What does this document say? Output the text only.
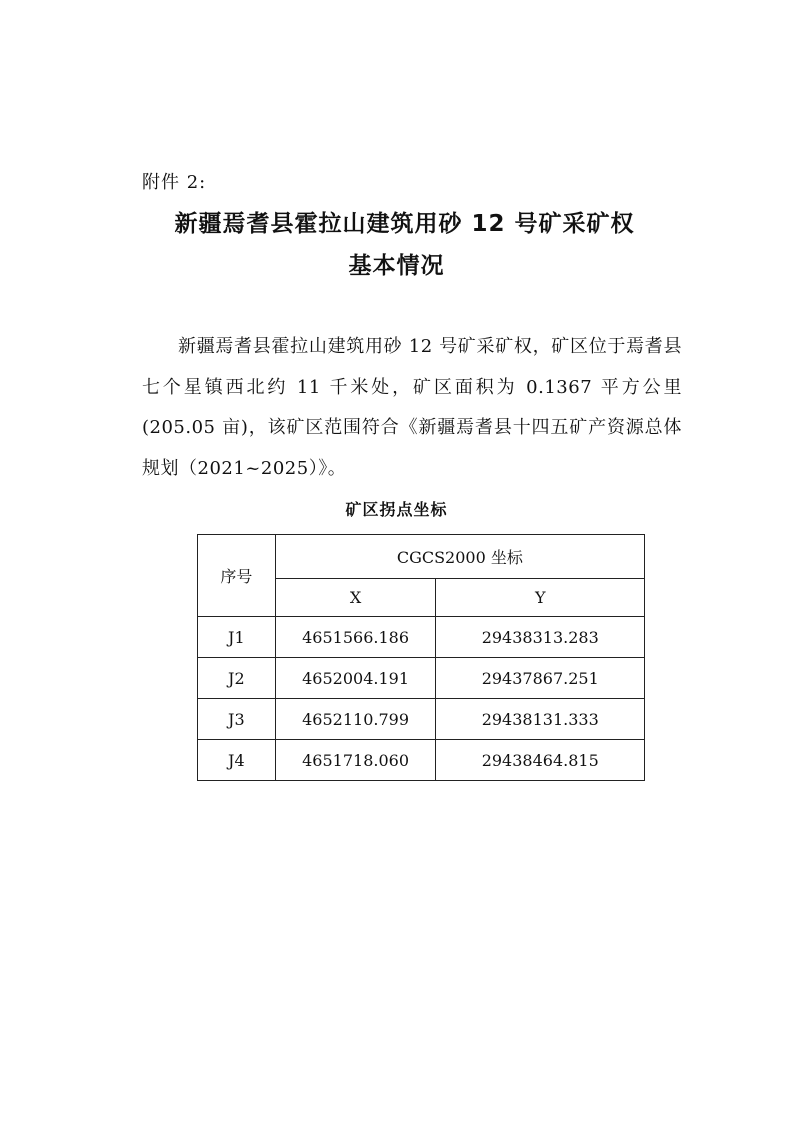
附件 2:
新疆焉耆县霍拉山建筑用砂 12 号矿采矿权
基本情况

新疆焉耆县霍拉山建筑用砂 12 号矿采矿权，矿区位于焉耆县七个星镇西北约 11 千米处，矿区面积为 0.1367 平方公里(205.05 亩)，该矿区范围符合《新疆焉耆县十四五矿产资源总体规划（2021~2025）》。

矿区拐点坐标
序号	CGCS2000 坐标	
	X	Y
J1	4651566.186	29438313.283
J2	4652004.191	29437867.251
J3	4652110.799	29438131.333
J4	4651718.060	29438464.815
